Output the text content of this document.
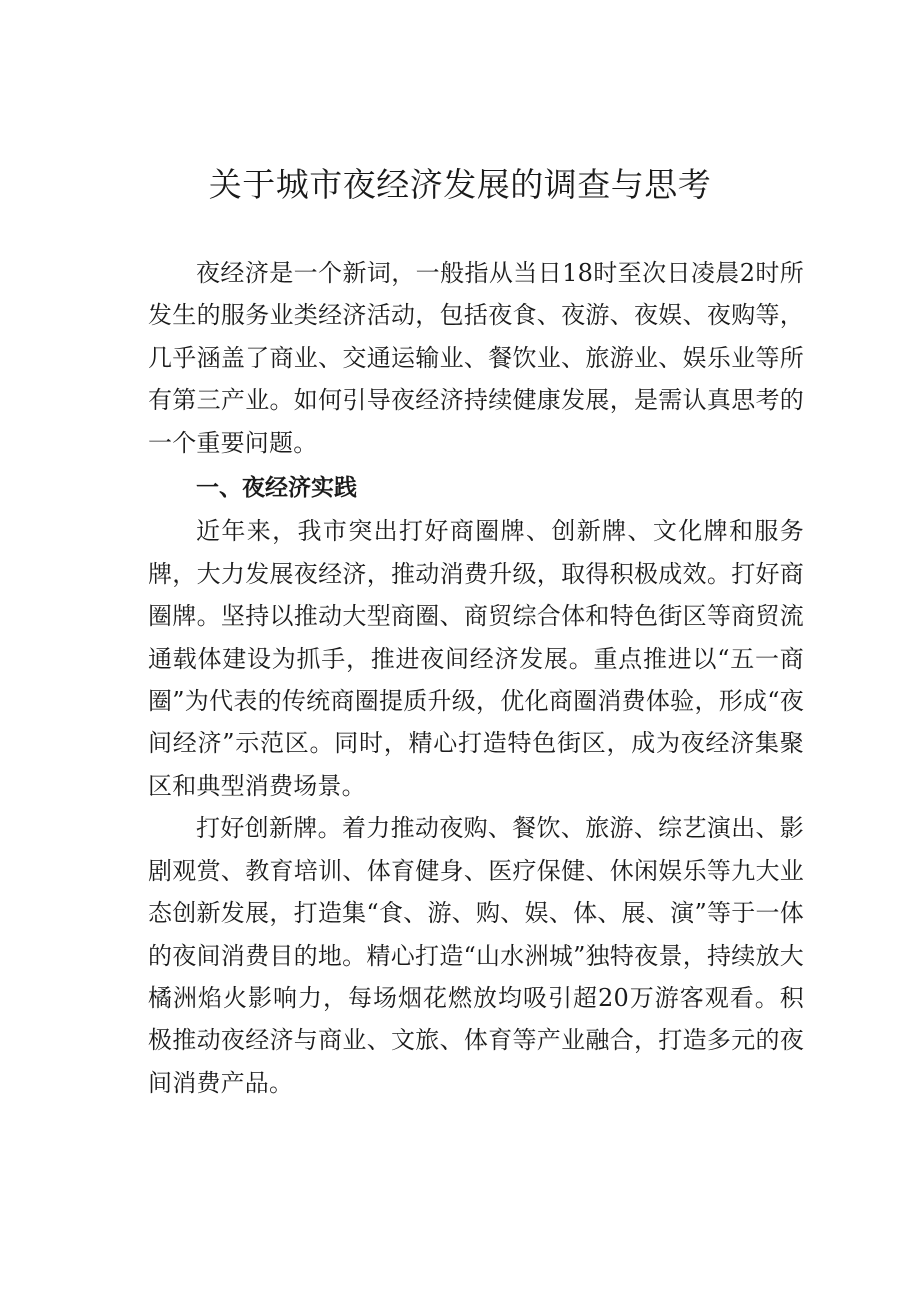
关于城市夜经济发展的调查与思考

夜经济是一个新词，一般指从当日18时至次日凌晨2时所发生的服务业类经济活动，包括夜食、夜游、夜娱、夜购等，几乎涵盖了商业、交通运输业、餐饮业、旅游业、娱乐业等所有第三产业。如何引导夜经济持续健康发展，是需认真思考的一个重要问题。

一、夜经济实践

近年来，我市突出打好商圈牌、创新牌、文化牌和服务牌，大力发展夜经济，推动消费升级，取得积极成效。打好商圈牌。坚持以推动大型商圈、商贸综合体和特色街区等商贸流通载体建设为抓手，推进夜间经济发展。重点推进以“五一商圈”为代表的传统商圈提质升级，优化商圈消费体验，形成“夜间经济”示范区。同时，精心打造特色街区，成为夜经济集聚区和典型消费场景。

打好创新牌。着力推动夜购、餐饮、旅游、综艺演出、影剧观赏、教育培训、体育健身、医疗保健、休闲娱乐等九大业态创新发展，打造集“食、游、购、娱、体、展、演”等于一体的夜间消费目的地。精心打造“山水洲城”独特夜景，持续放大橘洲焰火影响力，每场烟花燃放均吸引超20万游客观看。积极推动夜经济与商业、文旅、体育等产业融合，打造多元的夜间消费产品。
